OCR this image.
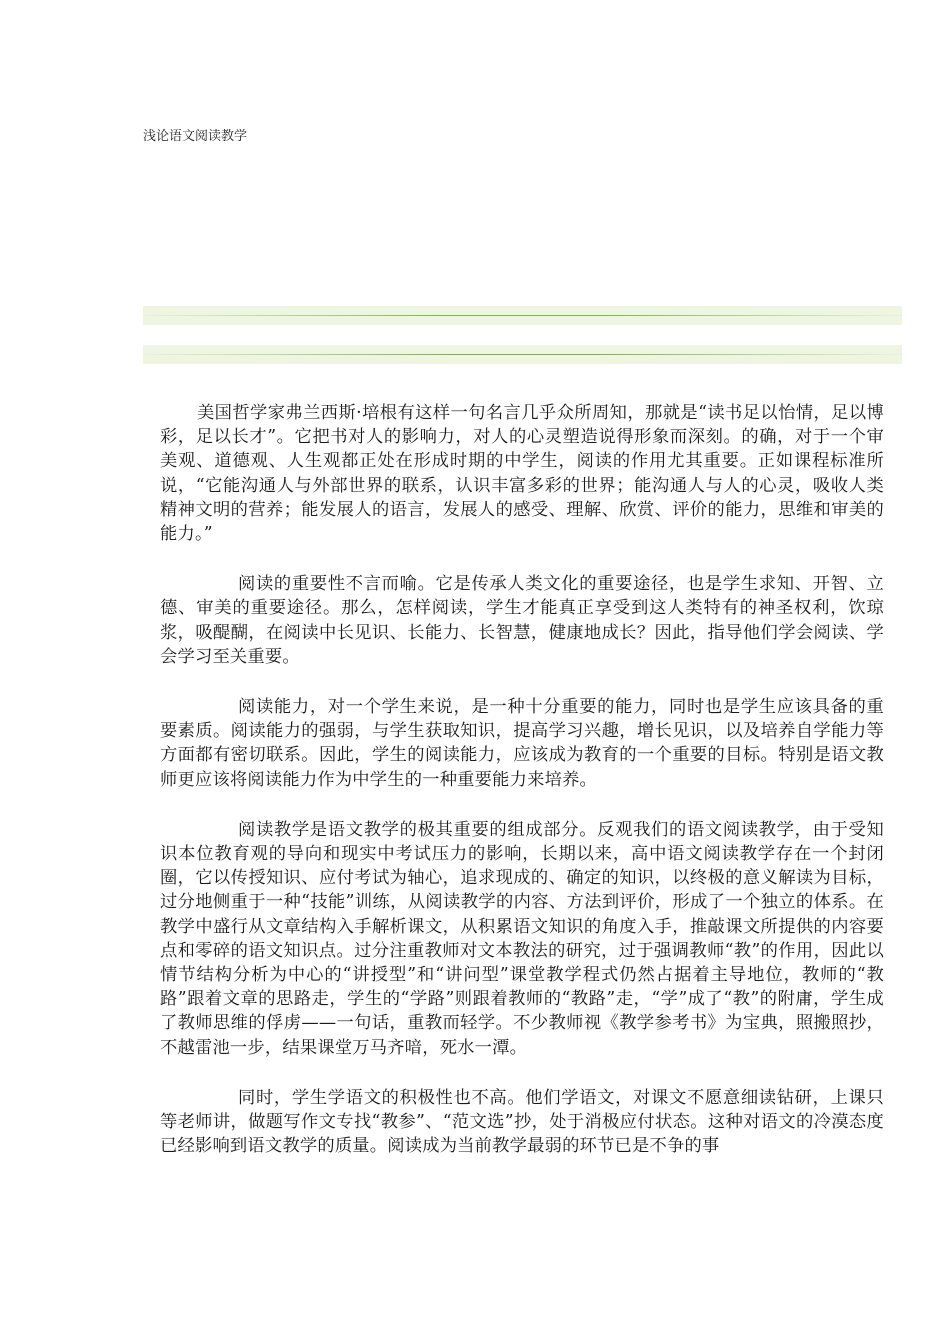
浅论语文阅读教学

美国哲学家弗兰西斯·培根有这样一句名言几乎众所周知，那就是“读书足以怡情，足以博彩，足以长才”。它把书对人的影响力，对人的心灵塑造说得形象而深刻。的确，对于一个审美观、道德观、人生观都正处在形成时期的中学生，阅读的作用尤其重要。正如课程标准所说，“它能沟通人与外部世界的联系，认识丰富多彩的世界；能沟通人与人的心灵，吸收人类精神文明的营养；能发展人的语言，发展人的感受、理解、欣赏、评价的能力，思维和审美的能力。”

阅读的重要性不言而喻。它是传承人类文化的重要途径，也是学生求知、开智、立德、审美的重要途径。那么，怎样阅读，学生才能真正享受到这人类特有的神圣权利，饮琼浆，吸醍醐，在阅读中长见识、长能力、长智慧，健康地成长？因此，指导他们学会阅读、学会学习至关重要。

阅读能力，对一个学生来说，是一种十分重要的能力，同时也是学生应该具备的重要素质。阅读能力的强弱，与学生获取知识，提高学习兴趣，增长见识，以及培养自学能力等方面都有密切联系。因此，学生的阅读能力，应该成为教育的一个重要的目标。特别是语文教师更应该将阅读能力作为中学生的一种重要能力来培养。

阅读教学是语文教学的极其重要的组成部分。反观我们的语文阅读教学，由于受知识本位教育观的导向和现实中考试压力的影响，长期以来，高中语文阅读教学存在一个封闭圈，它以传授知识、应付考试为轴心，追求现成的、确定的知识，以终极的意义解读为目标，过分地侧重于一种“技能”训练，从阅读教学的内容、方法到评价，形成了一个独立的体系。在教学中盛行从文章结构入手解析课文，从积累语文知识的角度入手，推敲课文所提供的内容要点和零碎的语文知识点。过分注重教师对文本教法的研究，过于强调教师“教”的作用，因此以情节结构分析为中心的“讲授型”和“讲问型”课堂教学程式仍然占据着主导地位，教师的“教路”跟着文章的思路走，学生的“学路”则跟着教师的“教路”走，“学”成了“教”的附庸，学生成了教师思维的俘虏——一句话，重教而轻学。不少教师视《教学参考书》为宝典，照搬照抄，不越雷池一步，结果课堂万马齐喑，死水一潭。

同时，学生学语文的积极性也不高。他们学语文，对课文不愿意细读钻研，上课只等老师讲，做题写作文专找“教参”、“范文选”抄，处于消极应付状态。这种对语文的冷漠态度已经影响到语文教学的质量。阅读成为当前教学最弱的环节已是不争的事
